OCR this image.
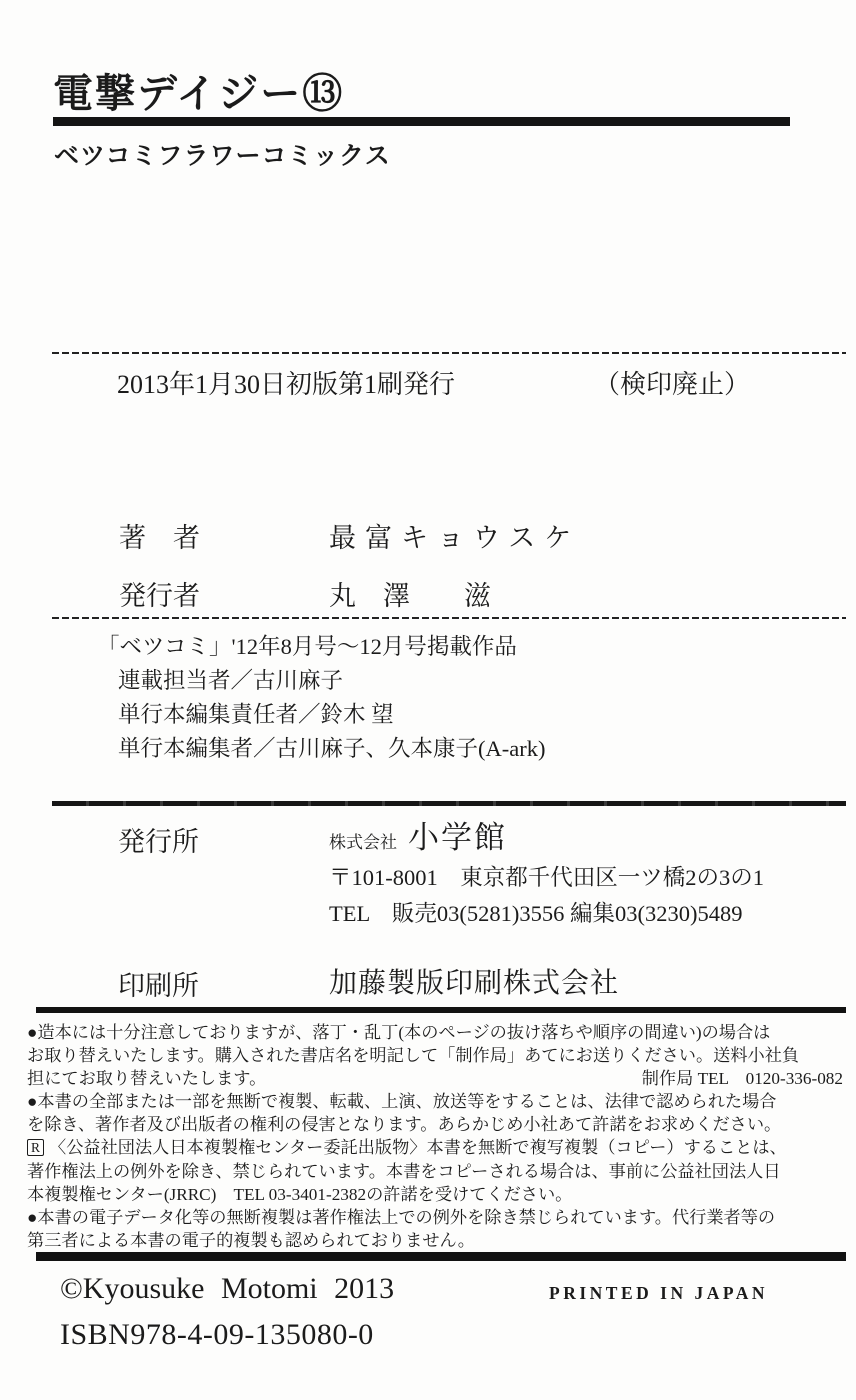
電撃デイジー⑬
ベツコミフラワーコミックス
2013年1月30日初版第1刷発行	（検印廃止）
著　者	最富キョウスケ
発行者	丸　澤　　滋

「ベツコミ」'12年8月号～12月号掲載作品

連載担当者／古川麻子

単行本編集責任者／鈴木 望

単行本編集者／古川麻子、久本康子(A-ark)

発行所	株式会社 小学館
〒101-8001　東京都千代田区一ツ橋2の3の1
TEL　販売03(5281)3556 編集03(3230)5489
印刷所	加藤製版印刷株式会社

●造本には十分注意しておりますが、落丁・乱丁(本のページの抜け落ちや順序の間違い)の場合は

お取り替えいたします。購入された書店名を明記して「制作局」あてにお送りください。送料小社負

担にてお取り替えいたします。	制作局 TEL　0120-336-082

●本書の全部または一部を無断で複製、転載、上演、放送等をすることは、法律で認められた場合

を除き、著作者及び出版者の権利の侵害となります。あらかじめ小社あて許諾をお求めください。

R 〈公益社団法人日本複製権センター委託出版物〉本書を無断で複写複製（コピー）することは、

著作権法上の例外を除き、禁じられています。本書をコピーされる場合は、事前に公益社団法人日

本複製権センター(JRRC)　TEL 03-3401-2382の許諾を受けてください。

●本書の電子データ化等の無断複製は著作権法上での例外を除き禁じられています。代行業者等の

第三者による本書の電子的複製も認められておりません。

©Kyousuke Motomi 2013	PRINTED IN JAPAN
ISBN978-4-09-135080-0
